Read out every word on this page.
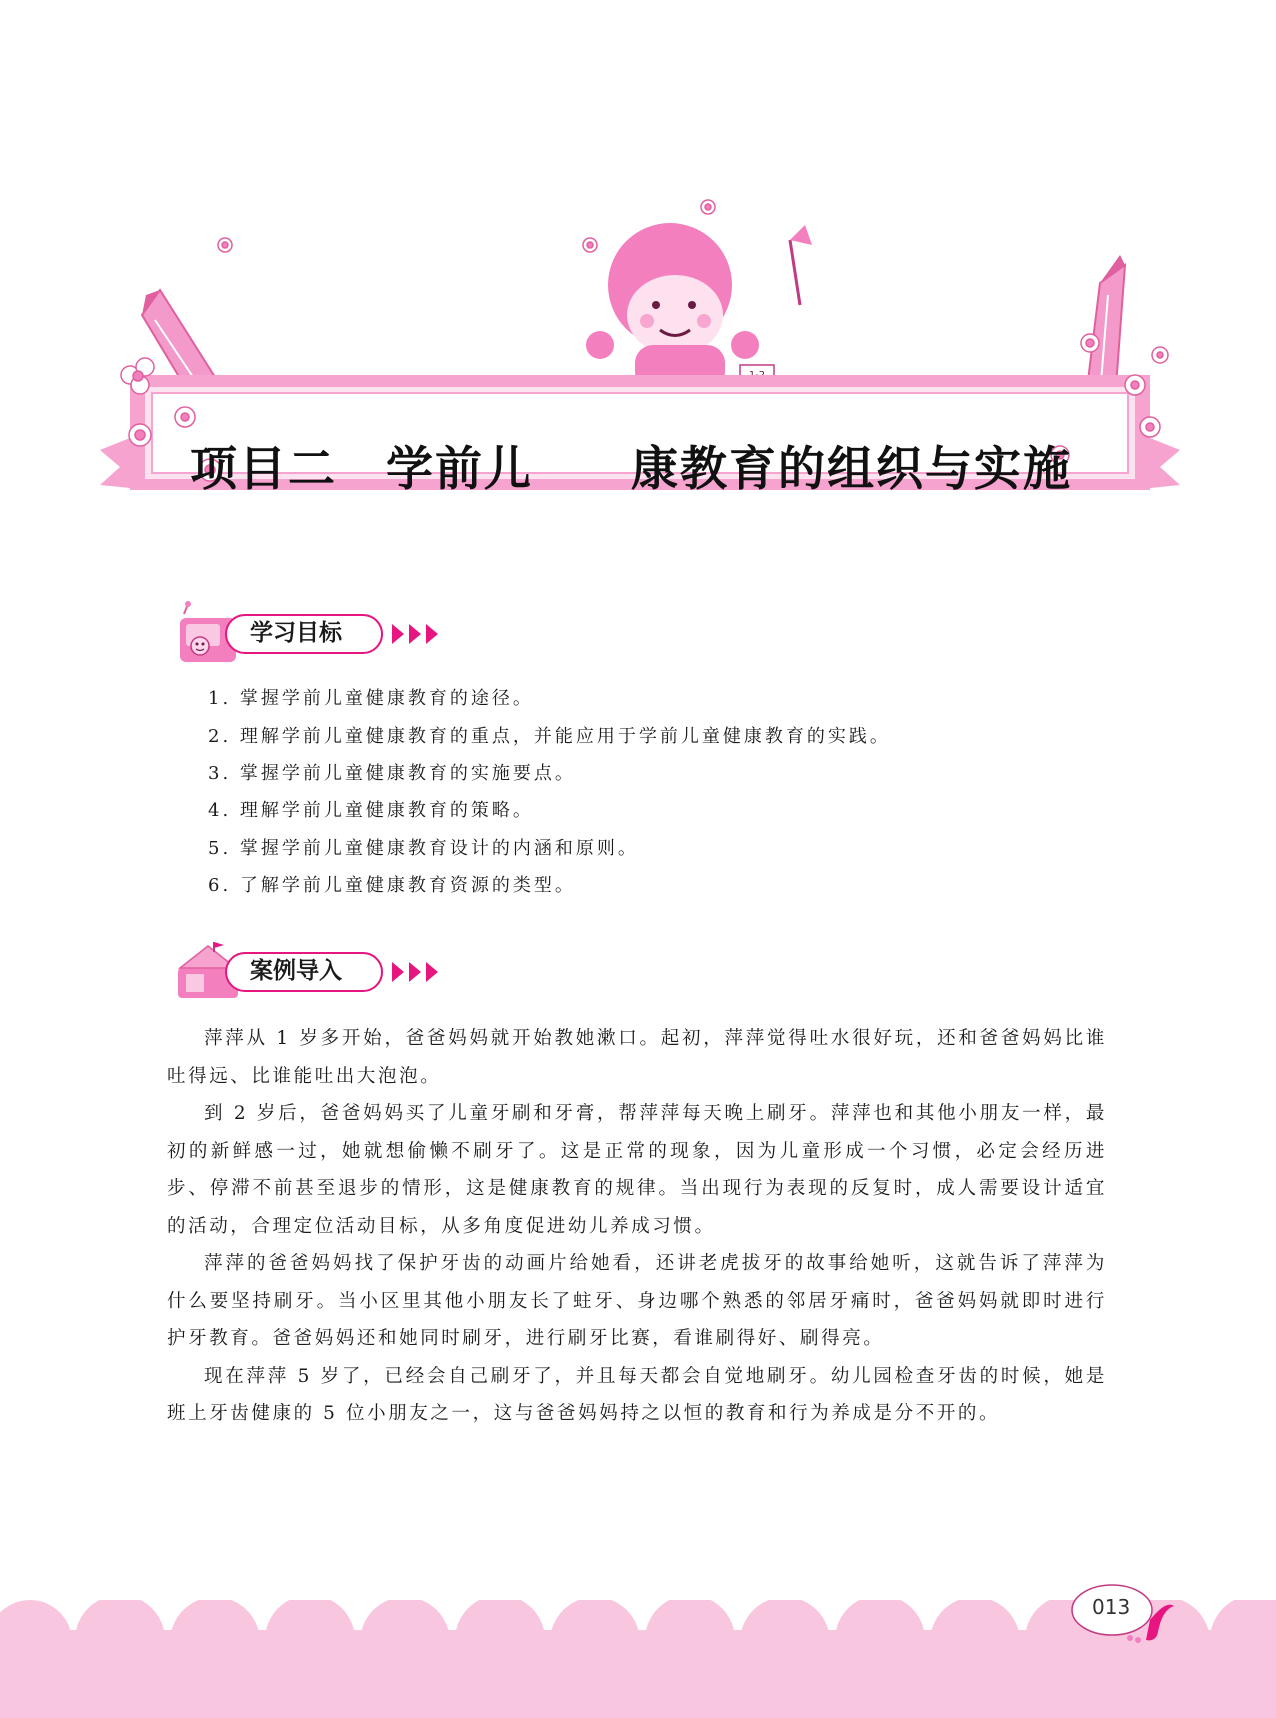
项目二　学前儿　　康教育的组织与实施
学习目标
1. 掌握学前儿童健康教育的途径。
2. 理解学前儿童健康教育的重点，并能应用于学前儿童健康教育的实践。
3. 掌握学前儿童健康教育的实施要点。
4. 理解学前儿童健康教育的策略。
5. 掌握学前儿童健康教育设计的内涵和原则。
6. 了解学前儿童健康教育资源的类型。
案例导入

萍萍从 1 岁多开始，爸爸妈妈就开始教她漱口。起初，萍萍觉得吐水很好玩，还和爸爸妈妈比谁吐得远、比谁能吐出大泡泡。

到 2 岁后，爸爸妈妈买了儿童牙刷和牙膏，帮萍萍每天晚上刷牙。萍萍也和其他小朋友一样，最初的新鲜感一过，她就想偷懒不刷牙了。这是正常的现象，因为儿童形成一个习惯，必定会经历进步、停滞不前甚至退步的情形，这是健康教育的规律。当出现行为表现的反复时，成人需要设计适宜的活动，合理定位活动目标，从多角度促进幼儿养成习惯。

萍萍的爸爸妈妈找了保护牙齿的动画片给她看，还讲老虎拔牙的故事给她听，这就告诉了萍萍为什么要坚持刷牙。当小区里其他小朋友长了蛀牙、身边哪个熟悉的邻居牙痛时，爸爸妈妈就即时进行护牙教育。爸爸妈妈还和她同时刷牙，进行刷牙比赛，看谁刷得好、刷得亮。

现在萍萍 5 岁了，已经会自己刷牙了，并且每天都会自觉地刷牙。幼儿园检查牙齿的时候，她是班上牙齿健康的 5 位小朋友之一，这与爸爸妈妈持之以恒的教育和行为养成是分不开的。

013
